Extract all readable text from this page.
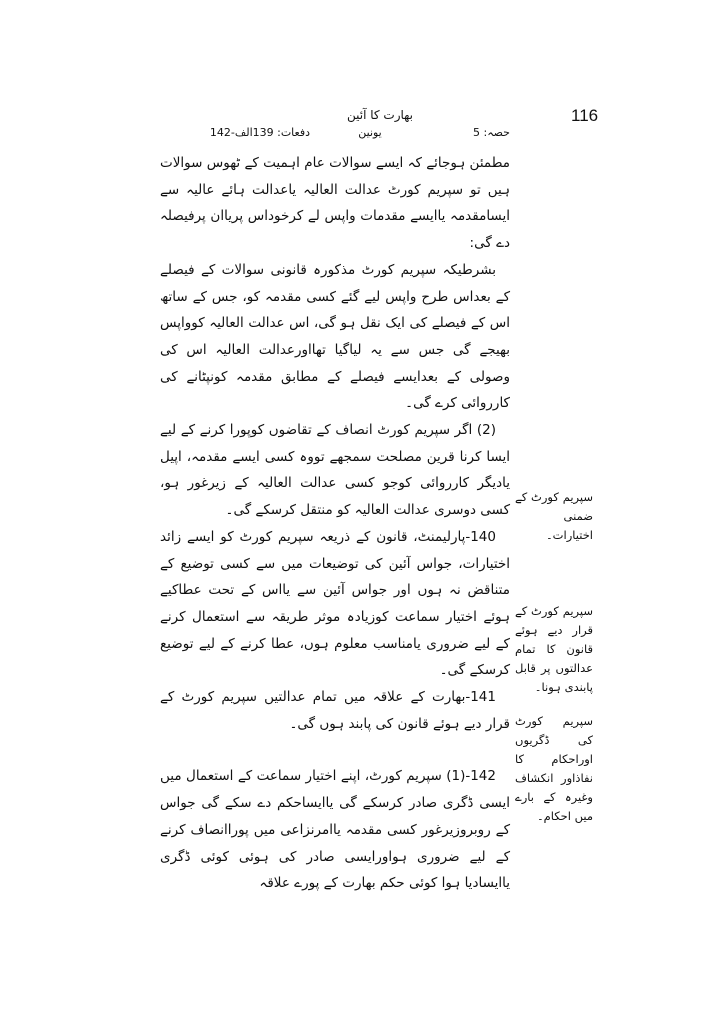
116
بھارت کا آئین
حصہ: 5
یونین
دفعات: 139الف-142

مطمئن ہوجائے کہ ایسے سوالات عام اہمیت کے ٹھوس سوالات ہیں تو سپریم کورٹ عدالت العالیہ یاعدالت ہائے عالیہ سے ایسامقدمہ یاایسے مقدمات واپس لے کرخوداس پریاان پرفیصلہ دے گی:

بشرطیکہ سپریم کورٹ مذکورہ قانونی سوالات کے فیصلے کے بعداس طرح واپس لیے گئے کسی مقدمہ کو، جس کے ساتھ اس کے فیصلے کی ایک نقل ہو گی، اس عدالت العالیہ کوواپس بھیجے گی جس سے یہ لیاگیا تھااورعدالت العالیہ اس کی وصولی کے بعدایسے فیصلے کے مطابق مقدمہ کونپٹانے کی کارروائی کرے گی۔

(2) اگر سپریم کورٹ انصاف کے تقاضوں کوپورا کرنے کے لیے ایسا کرنا قرین مصلحت سمجھے تووہ کسی ایسے مقدمہ، اپیل یادیگر کارروائی کوجو کسی عدالت العالیہ کے زیرغور ہو، کسی دوسری عدالت العالیہ کو منتقل کرسکے گی۔

140-پارلیمنٹ، قانون کے ذریعہ سپریم کورٹ کو ایسے زائد اختیارات، جواس آئین کی توضیعات میں سے کسی توضیع کے متناقض نہ ہوں اور جواس آئین سے یااس کے تحت عطاکیے ہوئے اختیار سماعت کوزیادہ موثر طریقہ سے استعمال کرنے کے لیے ضروری یامناسب معلوم ہوں، عطا کرنے کے لیے توضیع کرسکے گی۔

141-بھارت کے علاقہ میں تمام عدالتیں سپریم کورٹ کے قرار دیے ہوئے قانون کی پابند ہوں گی۔

142-(1) سپریم کورٹ، اپنے اختیار سماعت کے استعمال میں ایسی ڈگری صادر کرسکے گی یاایساحکم دے سکے گی جواس کے روبروزیرغور کسی مقدمہ یاامرنزاعی میں پوراانصاف کرنے کے لیے ضروری ہواورایسی صادر کی ہوئی کوئی ڈگری یاایسادیا ہوا کوئی حکم بھارت کے پورے علاقہ

سپریم کورٹ کے ضمنی اختیارات۔
سپریم کورٹ کے قرار دیے ہوئے قانون کا تمام عدالتوں پر قابل پابندی ہونا۔
سپریم کورٹ کی ڈگریوں اوراحکام کا نفاذاور انکشاف وغیرہ کے بارے میں احکام۔
